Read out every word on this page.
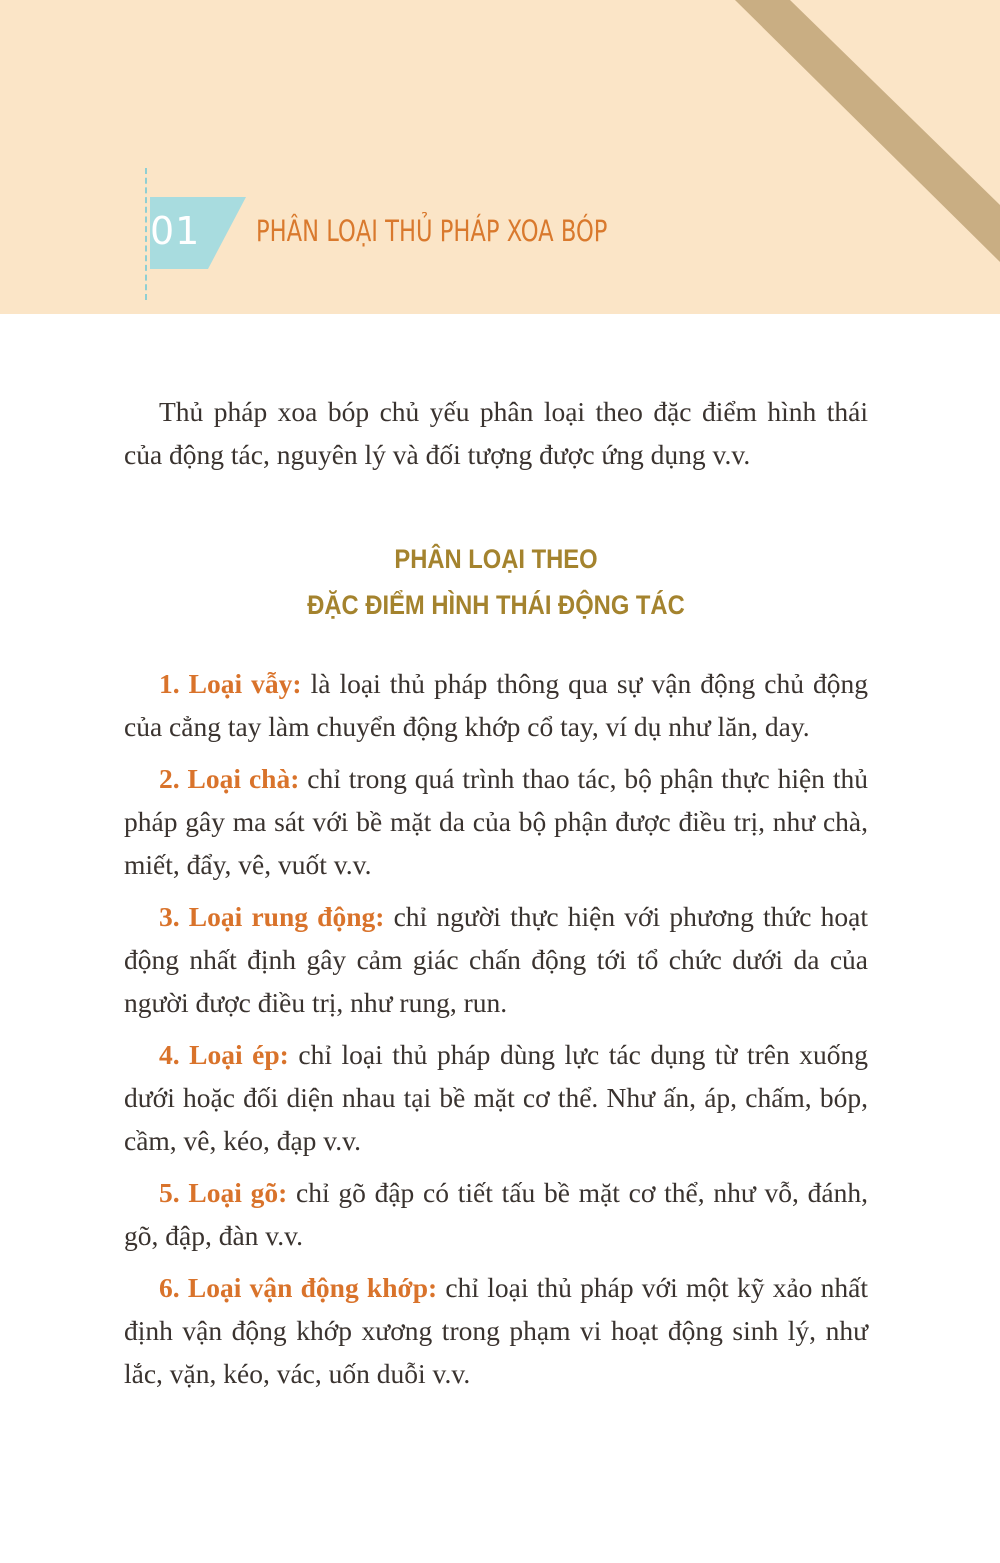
01 PHÂN LOẠI THỦ PHÁP XOA BÓP

Thủ pháp xoa bóp chủ yếu phân loại theo đặc điểm hình thái của động tác, nguyên lý và đối tượng được ứng dụng v.v.

PHÂN LOẠI THEO
ĐẶC ĐIỂM HÌNH THÁI ĐỘNG TÁC

1. Loại vẫy: là loại thủ pháp thông qua sự vận động chủ động của cẳng tay làm chuyển động khớp cổ tay, ví dụ như lăn, day.

2. Loại chà: chỉ trong quá trình thao tác, bộ phận thực hiện thủ pháp gây ma sát với bề mặt da của bộ phận được điều trị, như chà, miết, đẩy, vê, vuốt v.v.

3. Loại rung động: chỉ người thực hiện với phương thức hoạt động nhất định gây cảm giác chấn động tới tổ chức dưới da của người được điều trị, như rung, run.

4. Loại ép: chỉ loại thủ pháp dùng lực tác dụng từ trên xuống dưới hoặc đối diện nhau tại bề mặt cơ thể. Như ấn, áp, chấm, bóp, cầm, vê, kéo, đạp v.v.

5. Loại gõ: chỉ gõ đập có tiết tấu bề mặt cơ thể, như vỗ, đánh, gõ, đập, đàn v.v.

6. Loại vận động khớp: chỉ loại thủ pháp với một kỹ xảo nhất định vận động khớp xương trong phạm vi hoạt động sinh lý, như lắc, vặn, kéo, vác, uốn duỗi v.v.
